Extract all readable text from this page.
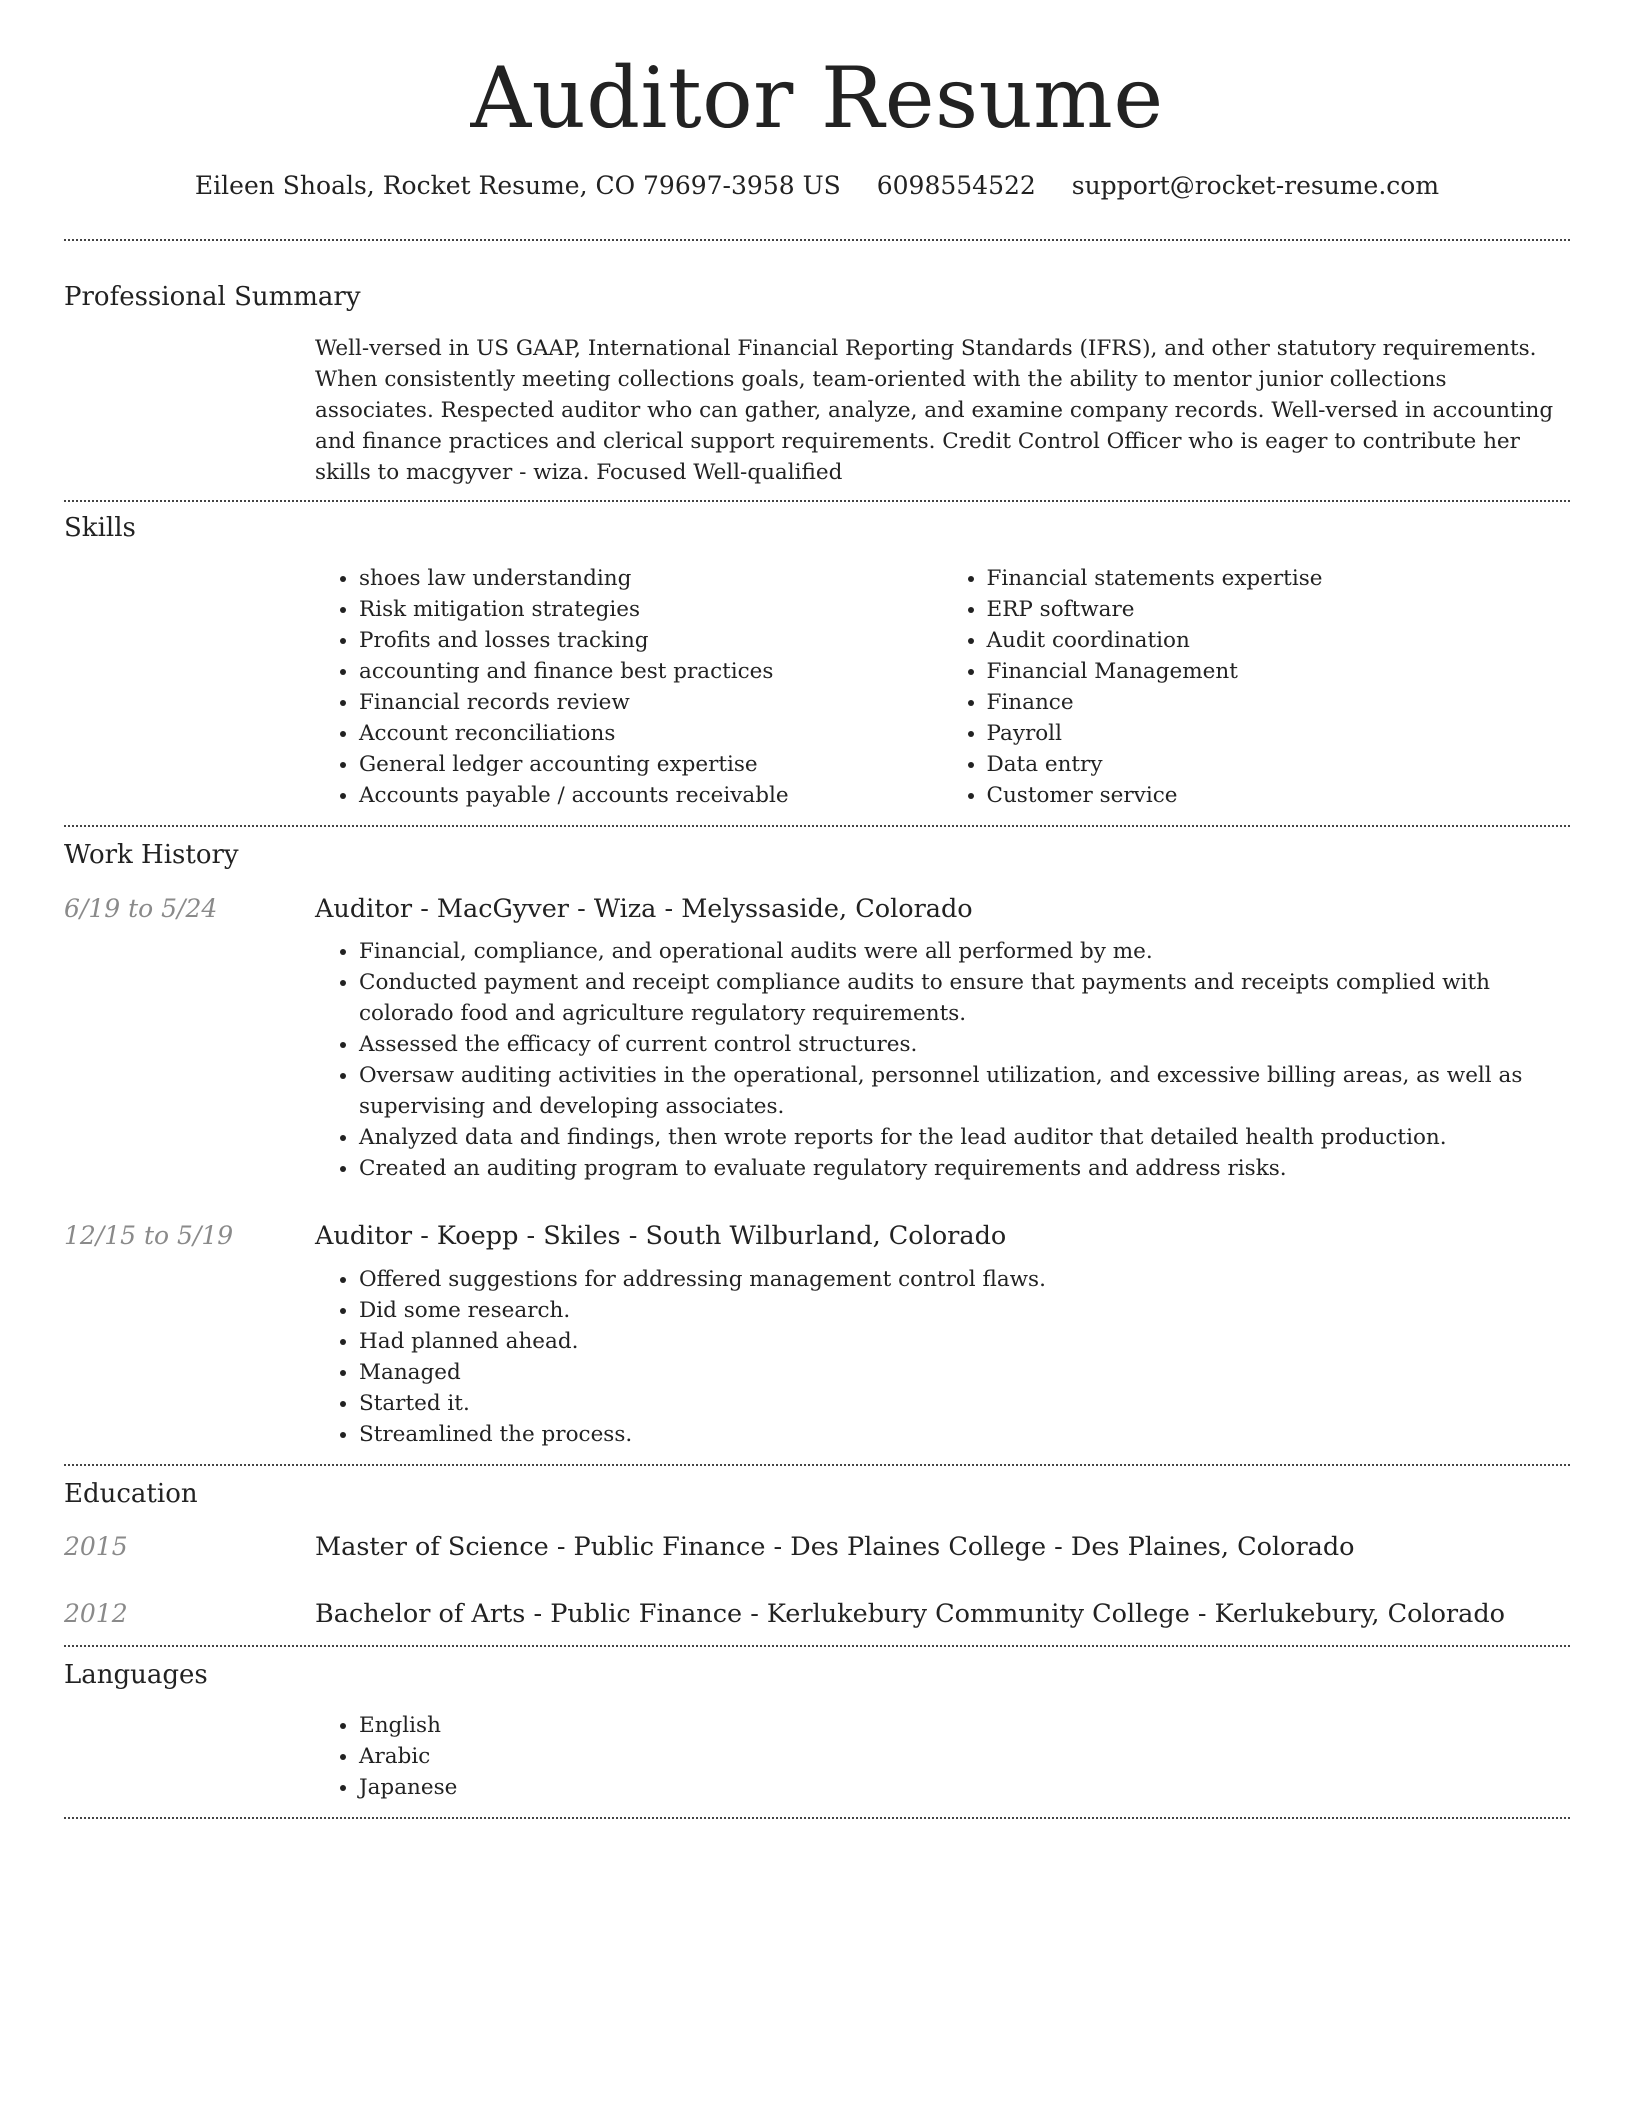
Auditor Resume
Eileen Shoals, Rocket Resume, CO 79697-3958 US 6098554522 support@rocket-resume.com
Professional Summary
Well-versed in US GAAP, International Financial Reporting Standards (IFRS), and other statutory requirements. When consistently meeting collections goals, team-oriented with the ability to mentor junior collections associates. Respected auditor who can gather, analyze, and examine company records. Well-versed in accounting and finance practices and clerical support requirements. Credit Control Officer who is eager to contribute her skills to macgyver - wiza. Focused Well-qualified
Skills
• shoes law understanding
• Risk mitigation strategies
• Profits and losses tracking
• accounting and finance best practices
• Financial records review
• Account reconciliations
• General ledger accounting expertise
• Accounts payable / accounts receivable
• Financial statements expertise
• ERP software
• Audit coordination
• Financial Management
• Finance
• Payroll
• Data entry
• Customer service
Work History
6/19 to 5/24	Auditor - MacGyver - Wiza - Melyssaside, Colorado
• Financial, compliance, and operational audits were all performed by me.
• Conducted payment and receipt compliance audits to ensure that payments and receipts complied with colorado food and agriculture regulatory requirements.
• Assessed the efficacy of current control structures.
• Oversaw auditing activities in the operational, personnel utilization, and excessive billing areas, as well as supervising and developing associates.
• Analyzed data and findings, then wrote reports for the lead auditor that detailed health production.
• Created an auditing program to evaluate regulatory requirements and address risks.
12/15 to 5/19	Auditor - Koepp - Skiles - South Wilburland, Colorado
• Offered suggestions for addressing management control flaws.
• Did some research.
• Had planned ahead.
• Managed
• Started it.
• Streamlined the process.
Education
2015	Master of Science - Public Finance - Des Plaines College - Des Plaines, Colorado
2012	Bachelor of Arts - Public Finance - Kerlukebury Community College - Kerlukebury, Colorado
Languages
• English
• Arabic
• Japanese
